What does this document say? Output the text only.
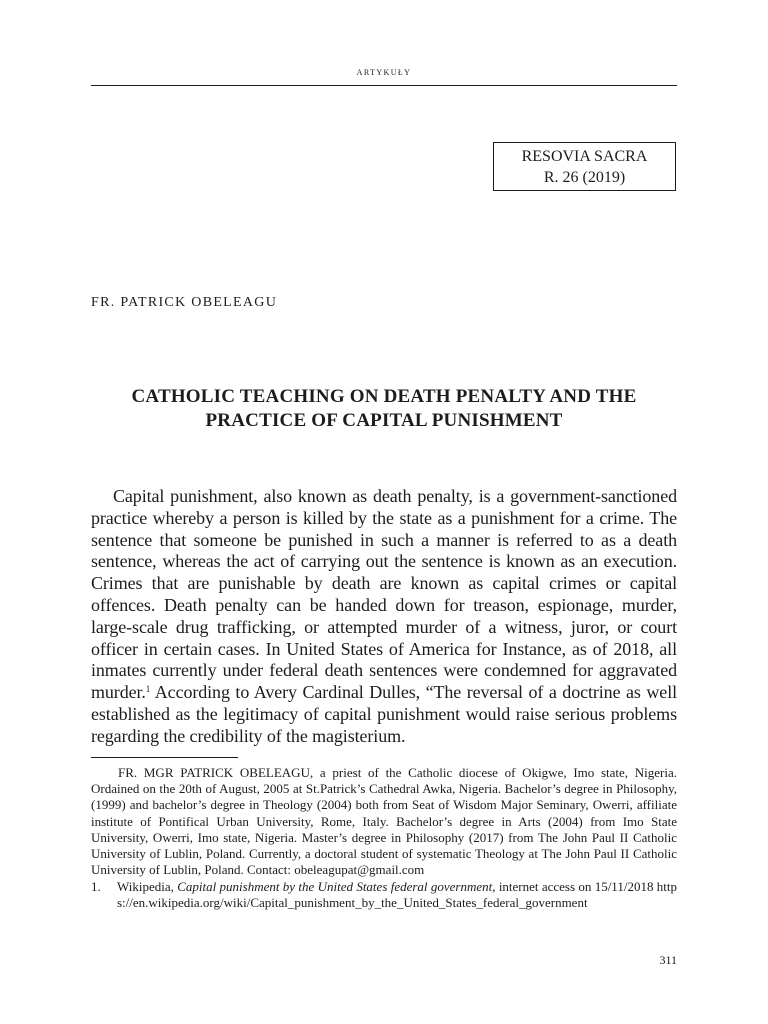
artykuły
RESOVIA SACRA
R. 26 (2019)
FR. PATRICK OBELEAGU
CATHOLIC TEACHING ON DEATH PENALTY AND THE
PRACTICE OF CAPITAL PUNISHMENT

Capital punishment, also known as death penalty, is a government-sanctioned practice whereby a person is killed by the state as a punishment for a crime. The sentence that someone be punished in such a manner is referred to as a death sentence, whereas the act of carrying out the sentence is known as an execution. Crimes that are punishable by death are known as capital crimes or capital offences. Death penalty can be handed down for treason, espionage, murder, large-scale drug trafficking, or attempted murder of a witness, juror, or court officer in certain cases. In United States of America for Instance, as of 2018, all inmates currently under federal death sentences were condemned for aggravated murder.$^1$ According to Avery Cardinal Dulles, “The reversal of a doctrine as well established as the legitimacy of capital punishment would raise serious problems regarding the credibility of the magisterium.

FR. MGR PATRICK OBELEAGU, a priest of the Catholic diocese of Okigwe, Imo state, Nigeria. Ordained on the 20th of August, 2005 at St.Patrick’s Cathedral Awka, Nigeria. Bachelor’s degree in Philosophy,(1999) and bachelor’s degree in Theology (2004) both from Seat of Wisdom Major Seminary, Owerri, affiliate institute of Pontifical Urban University, Rome, Italy. Bachelor’s degree in Arts (2004) from Imo State University, Owerri, Imo state, Nigeria. Master’s degree in Philosophy (2017) from The John Paul II Catholic University of Lublin, Poland. Currently, a doctoral student of systematic Theology at The John Paul II Catholic University of Lublin, Poland. Contact: obeleagupat@gmail.com

1. Wikipedia, Capital punishment by the United States federal government, internet access on 15/11/2018 https://en.wikipedia.org/wiki/Capital_punishment_by_the_United_States_federal_government

311
